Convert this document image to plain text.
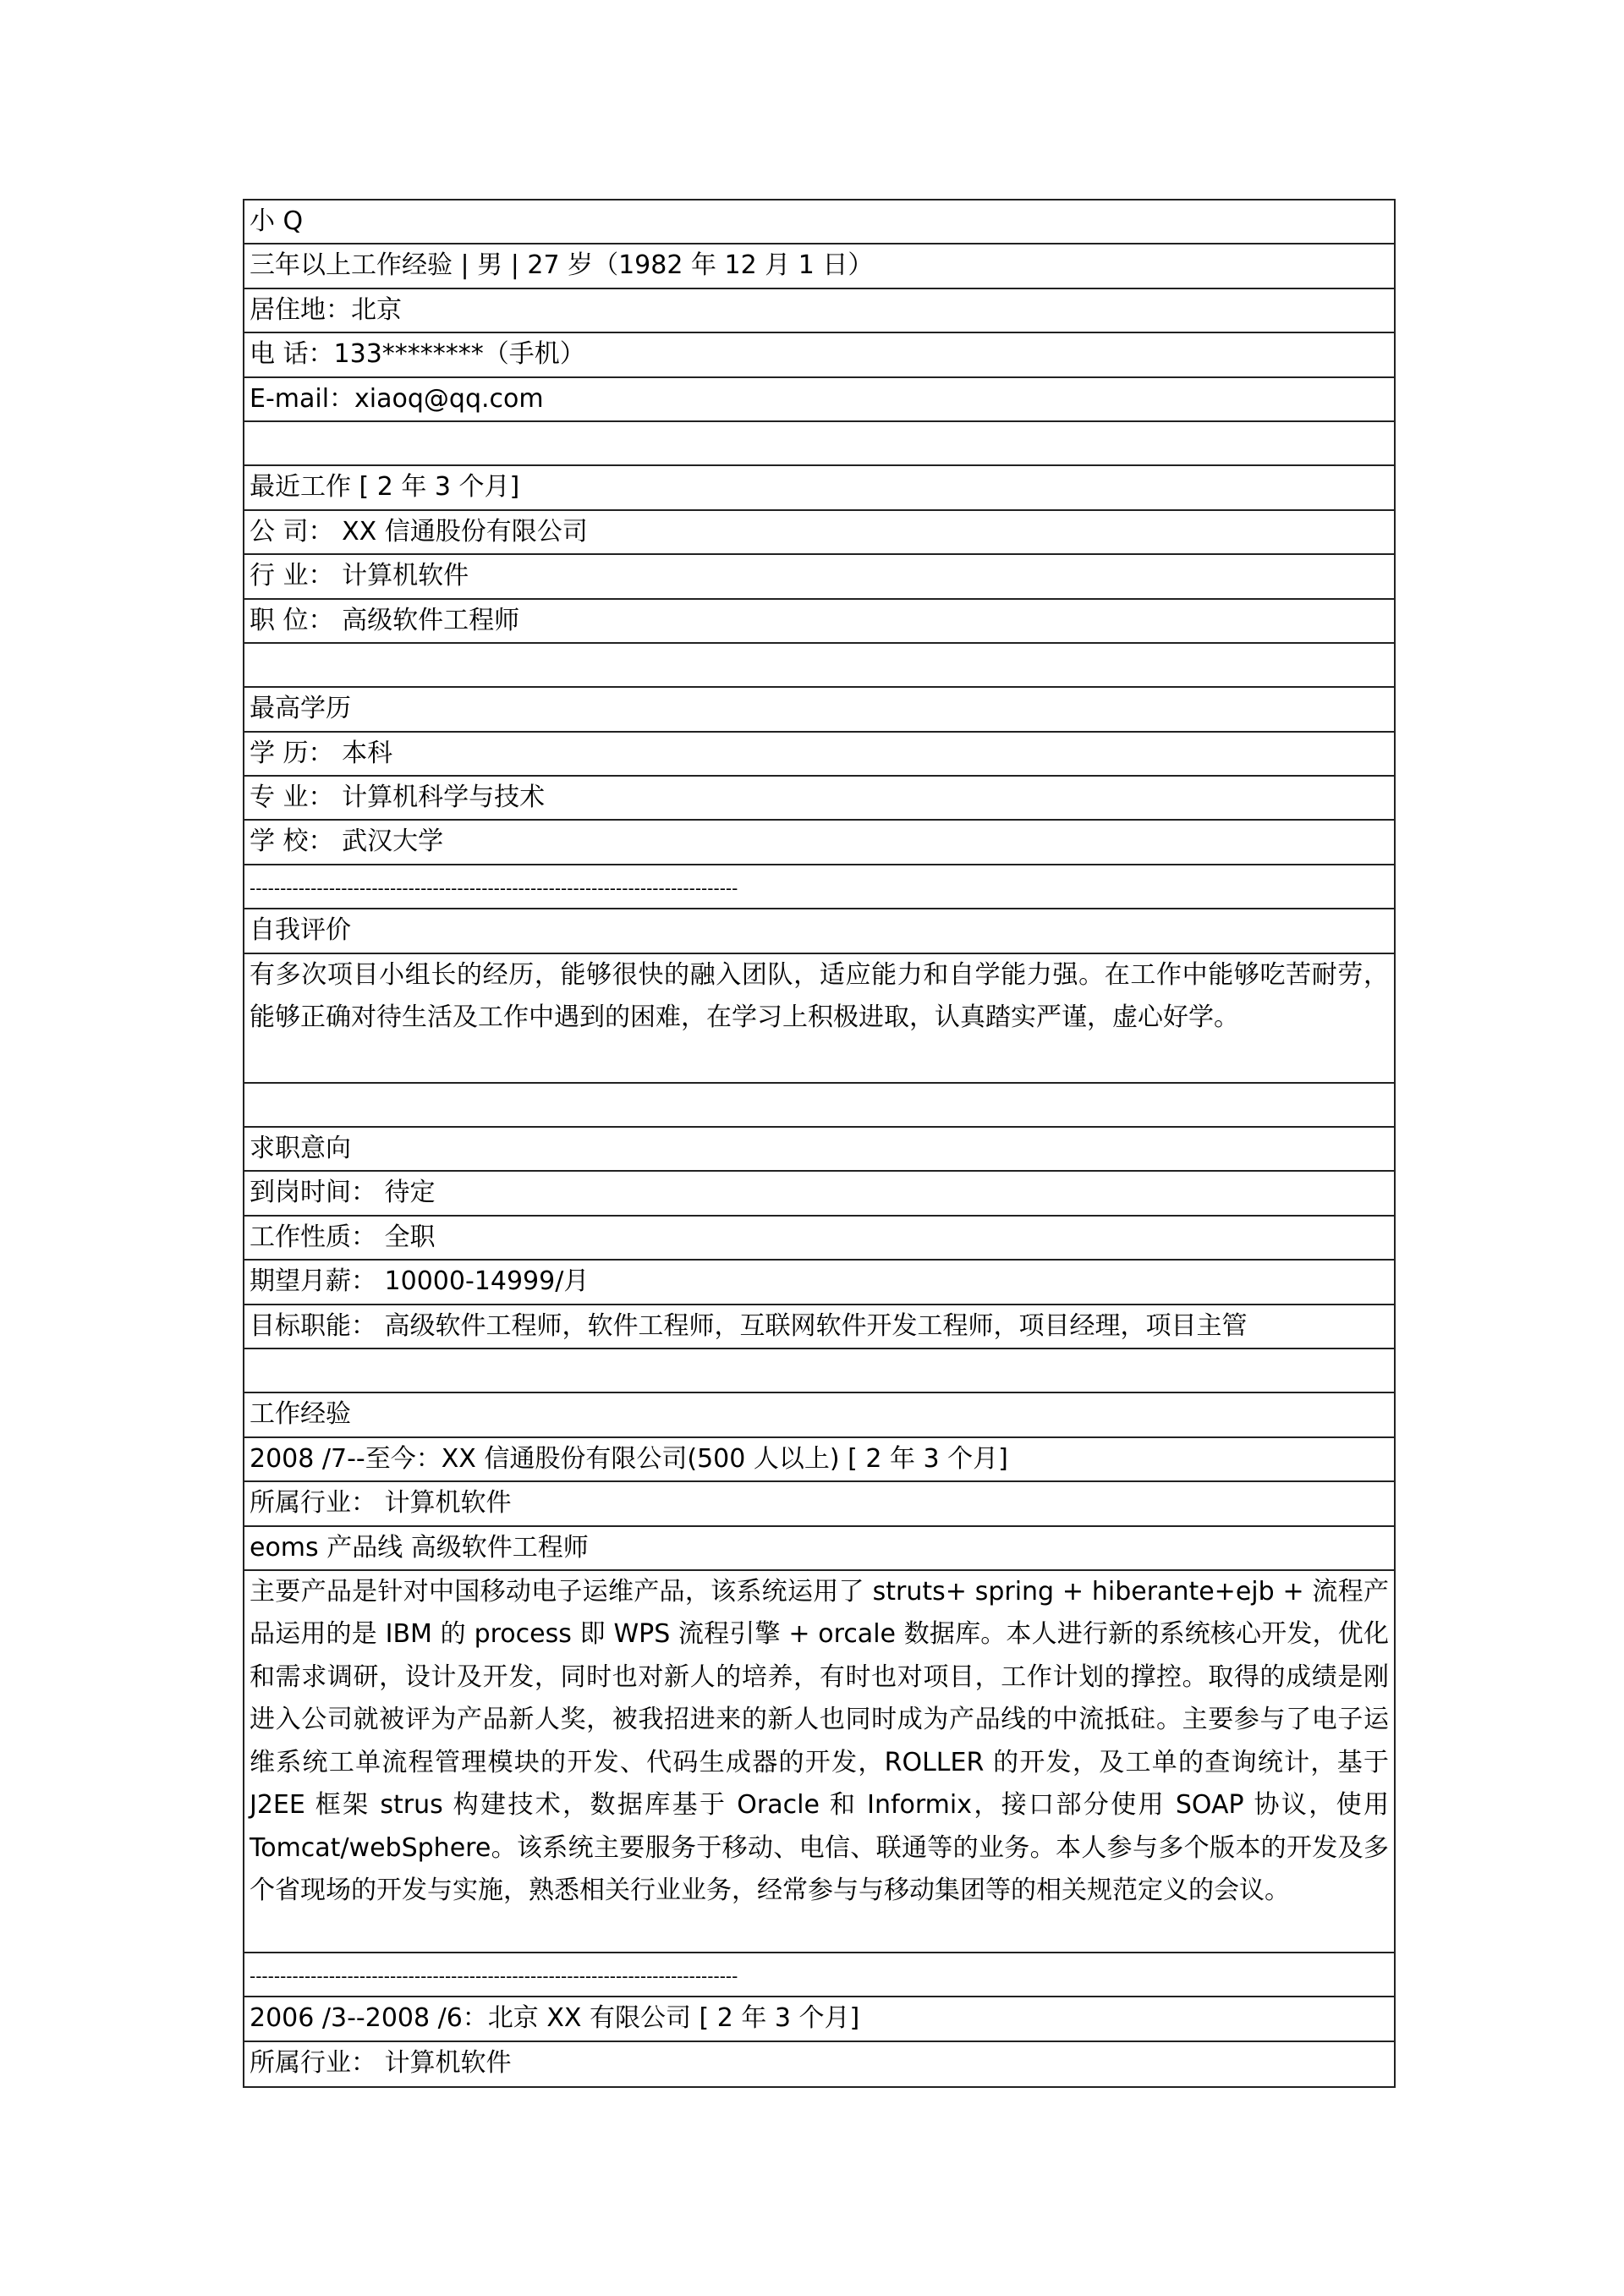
小 Q
三年以上工作经验 | 男 | 27 岁（1982 年 12 月 1 日）
居住地：北京
电 话：133********（手机）
E-mail：xiaoq@qq.com
最近工作 [ 2 年 3 个月]
公 司： XX 信通股份有限公司
行 业： 计算机软件
职 位： 高级软件工程师
最高学历
学 历： 本科
专 业： 计算机科学与技术
学 校： 武汉大学
--------------------------------------------------------------------------------
自我评价
有多次项目小组长的经历，能够很快的融入团队，适应能力和自学能力强。在工作中能够吃苦耐劳，能够正确对待生活及工作中遇到的困难，在学习上积极进取，认真踏实严谨，虚心好学。
求职意向
到岗时间： 待定
工作性质： 全职
期望月薪： 10000-14999/月
目标职能： 高级软件工程师，软件工程师，互联网软件开发工程师，项目经理，项目主管
工作经验
2008 /7--至今：XX 信通股份有限公司(500 人以上) [ 2 年 3 个月]
所属行业： 计算机软件
eoms 产品线 高级软件工程师
主要产品是针对中国移动电子运维产品，该系统运用了 struts+ spring + hiberante+ejb + 流程产品运用的是 IBM 的 process 即 WPS 流程引擎 + orcale 数据库。本人进行新的系统核心开发，优化和需求调研，设计及开发，同时也对新人的培养，有时也对项目，工作计划的撑控。取得的成绩是刚进入公司就被评为产品新人奖，被我招进来的新人也同时成为产品线的中流抵砫。主要参与了电子运维系统工单流程管理模块的开发、代码生成器的开发，ROLLER 的开发，及工单的查询统计，基于 J2EE 框架 strus 构建技术，数据库基于 Oracle 和 Informix，接口部分使用 SOAP 协议，使用 Tomcat/webSphere。该系统主要服务于移动、电信、联通等的业务。本人参与多个版本的开发及多个省现场的开发与实施，熟悉相关行业业务，经常参与与移动集团等的相关规范定义的会议。
--------------------------------------------------------------------------------
2006 /3--2008 /6：北京 XX 有限公司 [ 2 年 3 个月]
所属行业： 计算机软件
